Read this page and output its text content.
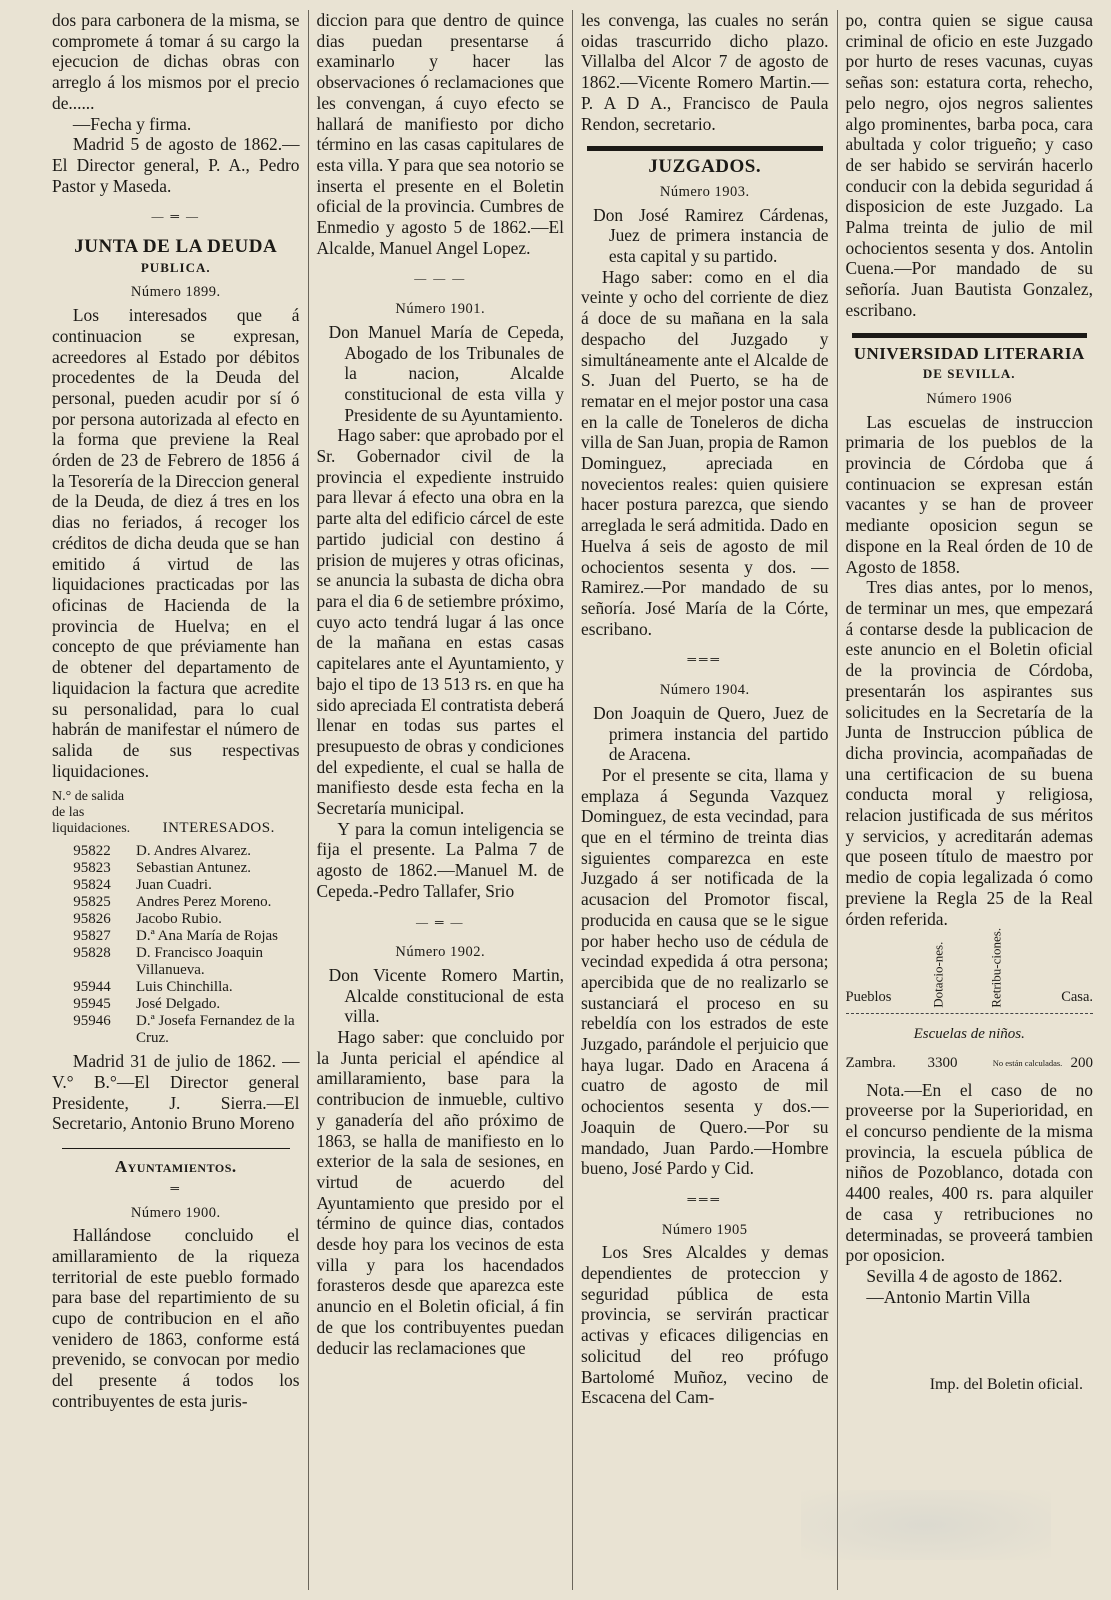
dos para carbonera de la misma, se compromete á tomar á su cargo la ejecucion de dichas obras con arreglo á los mismos por el precio de......

—Fecha y firma.

Madrid 5 de agosto de 1862.—El Director general, P. A., Pedro Pastor y Maseda.

— ═ —
JUNTA DE LA DEUDA
PUBLICA.
Número 1899.

Los interesados que á continuacion se expresan, acreedores al Estado por débitos procedentes de la Deuda del personal, pueden acudir por sí ó por persona autorizada al efecto en la forma que previene la Real órden de 23 de Febrero de 1856 á la Tesorería de la Direccion general de la Deuda, de diez á tres en los dias no feriados, á recoger los créditos de dicha deuda que se han emitido á virtud de las liquidaciones practicadas por las oficinas de Hacienda de la provincia de Huelva; en el concepto de que préviamente han de obtener del departamento de liquidacion la factura que acredite su personalidad, para lo cual habrán de manifestar el número de salida de sus respectivas liquidaciones.

N.° de salida de las liquidaciones.	INTERESADOS.
95822	D. Andres Alvarez.
95823	Sebastian Antunez.
95824	Juan Cuadri.
95825	Andres Perez Moreno.
95826	Jacobo Rubio.
95827	D.ª Ana María de Rojas
95828	D. Francisco Joaquin Villanueva.
95944	Luis Chinchilla.
95945	José Delgado.
95946	D.ª Josefa Fernandez de la Cruz.

Madrid 31 de julio de 1862. —V.° B.°—El Director general Presidente, J. Sierra.—El Secretario, Antonio Bruno Moreno

Ayuntamientos.
═
Número 1900.

Hallándose concluido el amillaramiento de la riqueza territorial de este pueblo formado para base del repartimiento de su cupo de contribucion en el año venidero de 1863, conforme está prevenido, se convocan por medio del presente á todos los contribuyentes de esta juris-

diccion para que dentro de quince dias puedan presentarse á examinarlo y hacer las observaciones ó reclamaciones que les convengan, á cuyo efecto se hallará de manifiesto por dicho término en las casas capitulares de esta villa. Y para que sea notorio se inserta el presente en el Boletin oficial de la provincia. Cumbres de Enmedio y agosto 5 de 1862.—El Alcalde, Manuel Angel Lopez.

— — —
Número 1901.

Don Manuel María de Cepeda, Abogado de los Tribunales de la nacion, Alcalde constitucional de esta villa y Presidente de su Ayuntamiento.

Hago saber: que aprobado por el Sr. Gobernador civil de la provincia el expediente instruido para llevar á efecto una obra en la parte alta del edificio cárcel de este partido judicial con destino á prision de mujeres y otras oficinas, se anuncia la subasta de dicha obra para el dia 6 de setiembre próximo, cuyo acto tendrá lugar á las once de la mañana en estas casas capitelares ante el Ayuntamiento, y bajo el tipo de 13 513 rs. en que ha sido apreciada El contratista deberá llenar en todas sus partes el presupuesto de obras y condiciones del expediente, el cual se halla de manifiesto desde esta fecha en la Secretaría municipal.

Y para la comun inteligencia se fija el presente. La Palma 7 de agosto de 1862.—Manuel M. de Cepeda.-Pedro Tallafer, Srio

— ═ —
Número 1902.

Don Vicente Romero Martin, Alcalde constitucional de esta villa.

Hago saber: que concluido por la Junta pericial el apéndice al amillaramiento, base para la contribucion de inmueble, cultivo y ganadería del año próximo de 1863, se halla de manifiesto en lo exterior de la sala de sesiones, en virtud de acuerdo del Ayuntamiento que presido por el término de quince dias, contados desde hoy para los vecinos de esta villa y para los hacendados forasteros desde que aparezca este anuncio en el Boletin oficial, á fin de que los contribuyentes puedan deducir las reclamaciones que

les convenga, las cuales no serán oidas trascurrido dicho plazo. Villalba del Alcor 7 de agosto de 1862.—Vicente Romero Martin.—P. A D A., Francisco de Paula Rendon, secretario.

JUZGADOS.
Número 1903.

Don José Ramirez Cárdenas, Juez de primera instancia de esta capital y su partido.

Hago saber: como en el dia veinte y ocho del corriente de diez á doce de su mañana en la sala despacho del Juzgado y simultáneamente ante el Alcalde de S. Juan del Puerto, se ha de rematar en el mejor postor una casa en la calle de Toneleros de dicha villa de San Juan, propia de Ramon Dominguez, apreciada en novecientos reales: quien quisiere hacer postura parezca, que siendo arreglada le será admitida. Dado en Huelva á seis de agosto de mil ochocientos sesenta y dos. —Ramirez.—Por mandado de su señoría. José María de la Córte, escribano.

═══
Número 1904.

Don Joaquin de Quero, Juez de primera instancia del partido de Aracena.

Por el presente se cita, llama y emplaza á Segunda Vazquez Dominguez, de esta vecindad, para que en el término de treinta dias siguientes comparezca en este Juzgado á ser notificada de la acusacion del Promotor fiscal, producida en causa que se le sigue por haber hecho uso de cédula de vecindad expedida á otra persona; apercibida que de no realizarlo se sustanciará el proceso en su rebeldía con los estrados de este Juzgado, parándole el perjuicio que haya lugar. Dado en Aracena á cuatro de agosto de mil ochocientos sesenta y dos.—Joaquin de Quero.—Por su mandado, Juan Pardo.—Hombre bueno, José Pardo y Cid.

═══
Número 1905

Los Sres Alcaldes y demas dependientes de proteccion y seguridad pública de esta provincia, se servirán practicar activas y eficaces diligencias en solicitud del reo prófugo Bartolomé Muñoz, vecino de Escacena del Cam-

po, contra quien se sigue causa criminal de oficio en este Juzgado por hurto de reses vacunas, cuyas señas son: estatura corta, rehecho, pelo negro, ojos negros salientes algo prominentes, barba poca, cara abultada y color trigueño; y caso de ser habido se servirán hacerlo conducir con la debida seguridad á disposicion de este Juzgado. La Palma treinta de julio de mil ochocientos sesenta y dos. Antolin Cuena.—Por mandado de su señoría. Juan Bautista Gonzalez, escribano.

UNIVERSIDAD LITERARIA
DE SEVILLA.
Número 1906

Las escuelas de instruccion primaria de los pueblos de la provincia de Córdoba que á continuacion se expresan están vacantes y se han de proveer mediante oposicion segun se dispone en la Real órden de 10 de Agosto de 1858.

Tres dias antes, por lo menos, de terminar un mes, que empezará á contarse desde la publicacion de este anuncio en el Boletin oficial de la provincia de Córdoba, presentarán los aspirantes sus solicitudes en la Secretaría de la Junta de Instruccion pública de dicha provincia, acompañadas de una certificacion de su buena conducta moral y religiosa, relacion justificada de sus méritos y servicios, y acreditarán ademas que poseen título de maestro por medio de copia legalizada ó como previene la Regla 25 de la Real órden referida.

Pueblos	Dotacio-nes.	Retribu-ciones.	Casa.
Escuelas de niños.
Zambra.	3300	No están calculadas. 200

Nota.—En el caso de no proveerse por la Superioridad, en el concurso pendiente de la misma provincia, la escuela pública de niños de Pozoblanco, dotada con 4400 reales, 400 rs. para alquiler de casa y retribuciones no determinadas, se proveerá tambien por oposicion.

Sevilla 4 de agosto de 1862.

—Antonio Martin Villa

Imp. del Boletin oficial.
